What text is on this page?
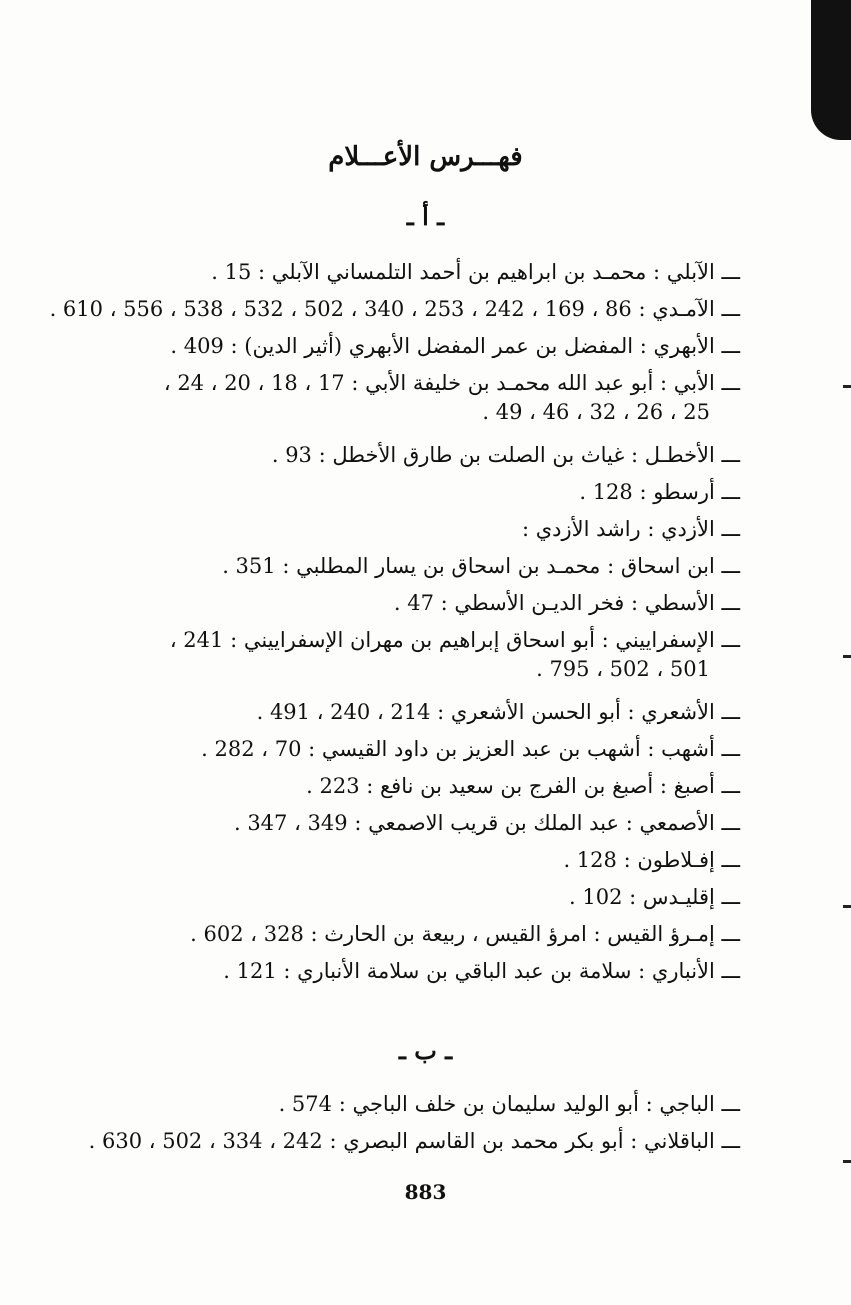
فهـــرس الأعـــلام
ـ أ ـ

ـــ الآبلي : محمـد بن ابراهيم بن أحمد التلمساني الآبلي : 15 .

ـــ الآمـدي : 86 ، 169 ، 242 ، 253 ، 340 ، 502 ، 532 ، 538 ، 556 ، 610 .

ـــ الأبهري : المفضل بن عمر المفضل الأبهري (أثير الدين) : 409 .

ـــ الأبي : أبو عبد الله محمـد بن خليفة الأبي : 17 ، 18 ، 20 ، 24 ،
25 ، 26 ، 32 ، 46 ، 49 .

ـــ الأخطـل : غياث بن الصلت بن طارق الأخطل : 93 .

ـــ أرسطو : 128 .

ـــ الأزدي : راشد الأزدي :

ـــ ابن اسحاق : محمـد بن اسحاق بن يسار المطلبي : 351 .

ـــ الأسطي : فخر الديـن الأسطي : 47 .

ـــ الإسفراييني : أبو اسحاق إبراهيم بن مهران الإسفراييني : 241 ،
501 ، 502 ، 795 .

ـــ الأشعري : أبو الحسن الأشعري : 214 ، 240 ، 491 .

ـــ أشهب : أشهب بن عبد العزيز بن داود القيسي : 70 ، 282 .

ـــ أصبغ : أصبغ بن الفرج بن سعيد بن نافع : 223 .

ـــ الأصمعي : عبد الملك بن قريب الاصمعي : 349 ، 347 .

ـــ إفـلاطون : 128 .

ـــ إقليـدس : 102 .

ـــ إمـرؤ القيس : امرؤ القيس ، ربيعة بن الحارث : 328 ، 602 .

ـــ الأنباري : سلامة بن عبد الباقي بن سلامة الأنباري : 121 .

ـ ب ـ

ـــ الباجي : أبو الوليد سليمان بن خلف الباجي : 574 .

ـــ الباقلاني : أبو بكر محمد بن القاسم البصري : 242 ، 334 ، 502 ، 630 .

883
